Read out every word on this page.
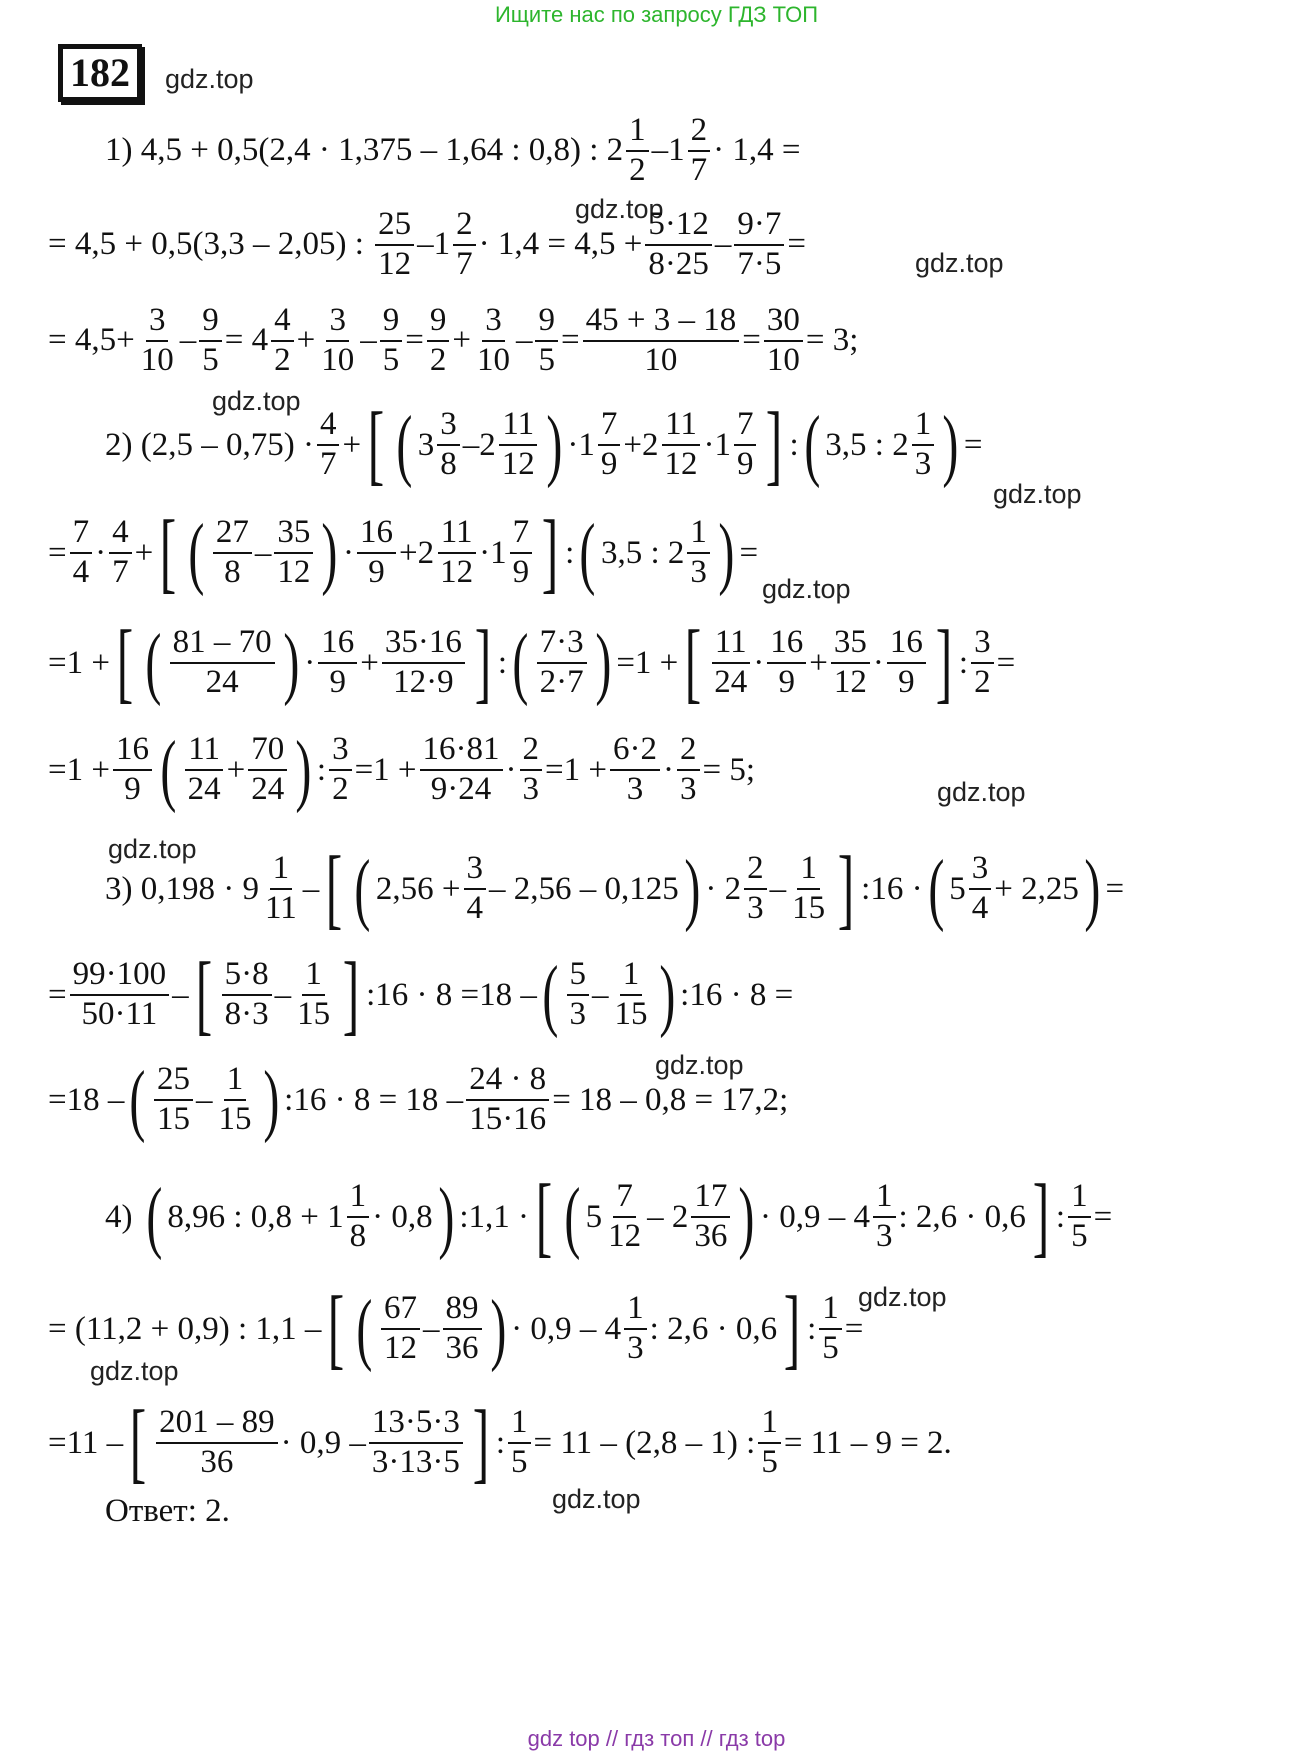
Ищите нас по запросу ГДЗ ТОП
182	gdz.top
gdz.top
gdz.top
gdz.top
gdz.top
gdz.top
gdz.top
gdz.top
gdz.top
gdz.top
gdz.top
gdz.top
1)
4,5 + 0,5(2,4 · 1,375 – 1,64 : 0,8) : 2
1
2
–1
2
7
· 1,4 =
= 4,5 + 0,5(3,3 – 2,05) :

25
12
–1
2
7
· 1,4 = 4,5 +
5·12
8·25
–
9·7
7·5
=
= $4,5+ \frac{3}{10}$ –
9
5
= 4
4
2
+
3
10
–
9
5
=
9
2
+
3
10
–
9
5
=
45 + 3 – 18
10
= $\frac{30}{10} = 3$;
2) (2,5 – 0,75) ·
4
7
+ [ ( 3
3
8
–2
11
12 ) ·1
7
9
+2
11
12
·1
7
9 ] : ( 3,5 : 2
1
3 ) =
=
7
4
·
4
7
+ [ ( 27
8
–
35
12 ) ·
16
9
+2
11
12
·1
7
9 ] : ( 3,5 : 2
1
3 ) =
=1 + [ ( 81 – 70
24 ) ·
16
9
+
35·16
12·9 ] : ( 7·3
2·7 ) =1 + [ 11
24
·
16
9
+
35
12
·
16
9 ] :
3
2
=
=1 +
16
9 ( 11
24
+
70
24 ) :
3
2
=1 +
16·81
9·24
·
2
3
=1 +
6·2
3
·
2
3
= 5;
3) 0,198 · 9
1
11
– [ ( 2,56 +
3
4
– 2,56 – 0,125 ) · 2
2
3
–
1
15 ] :16 · ( 5
3
4
+ 2,25 ) =
=
99·100
50·11
– [ 5·8
8·3
–
1
15 ] :16 · 8 =18 – ( 5
3
–
1
15 ) :16 · 8 =
=18 – ( 25
15
–
1
15 ) :16 · $8 = 18 - \frac{24 \cdot 8}{15\cdot 16} = 18 - 0,8 = 17,2$;
4)
( 8,96 : 0,8 + 1
1
8
· 0,8 ) :1,1 · [ ( 5
7
12
– 2
17
36 ) · 0,9 – 4
1
3
: 2,6 · 0,6 ] :
1
5
=
= (11,2 + 0,9) : 1,1 – [ ( 67
12
–
89
36 ) · 0,9 – 4
1
3
: 2,6 · 0,6 ] :
1
5
=
=11 – [ 201 – 89
36
· 0,9 –
13·5·3
3·13·5 ] :
1
5
= 11 – (2,8 – 1) : $\frac{1}{5} = 11 - 9 = 2$.
Ответ: 2.
gdz top // гдз топ // гдз top
